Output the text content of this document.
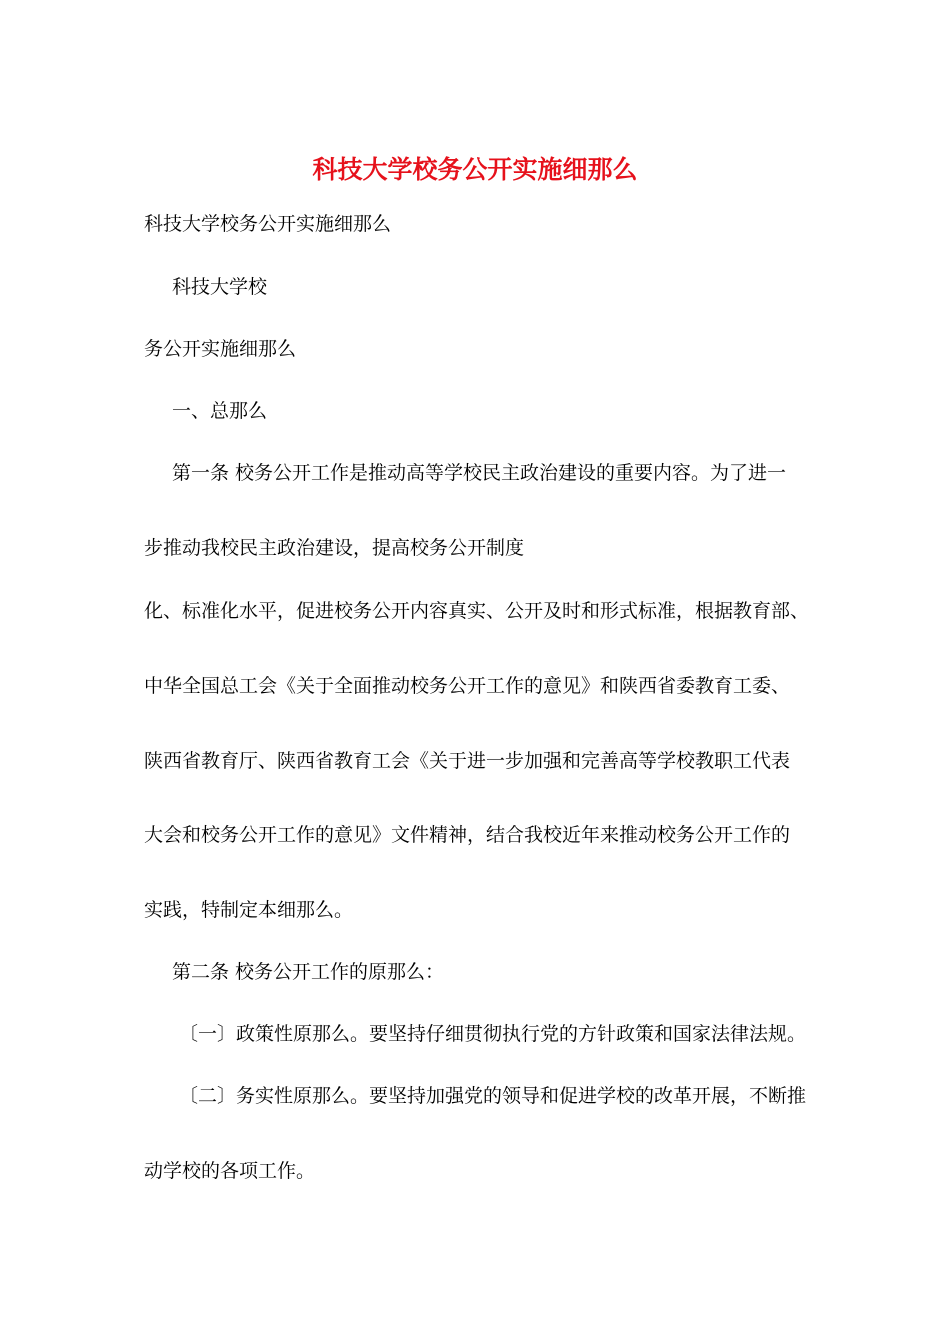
科技大学校务公开实施细那么
科技大学校务公开实施细那么
科技大学校
务公开实施细那么
一、总那么
第一条 校务公开工作是推动高等学校民主政治建设的重要内容。为了进一
步推动我校民主政治建设，提高校务公开制度
化、标准化水平，促进校务公开内容真实、公开及时和形式标准，根据教育部、
中华全国总工会《关于全面推动校务公开工作的意见》和陕西省委教育工委、
陕西省教育厅、陕西省教育工会《关于进一步加强和完善高等学校教职工代表
大会和校务公开工作的意见》文件精神，结合我校近年来推动校务公开工作的
实践，特制定本细那么。
第二条 校务公开工作的原那么：
〔一〕政策性原那么。要坚持仔细贯彻执行党的方针政策和国家法律法规。
〔二〕务实性原那么。要坚持加强党的领导和促进学校的改革开展，不断推
动学校的各项工作。
